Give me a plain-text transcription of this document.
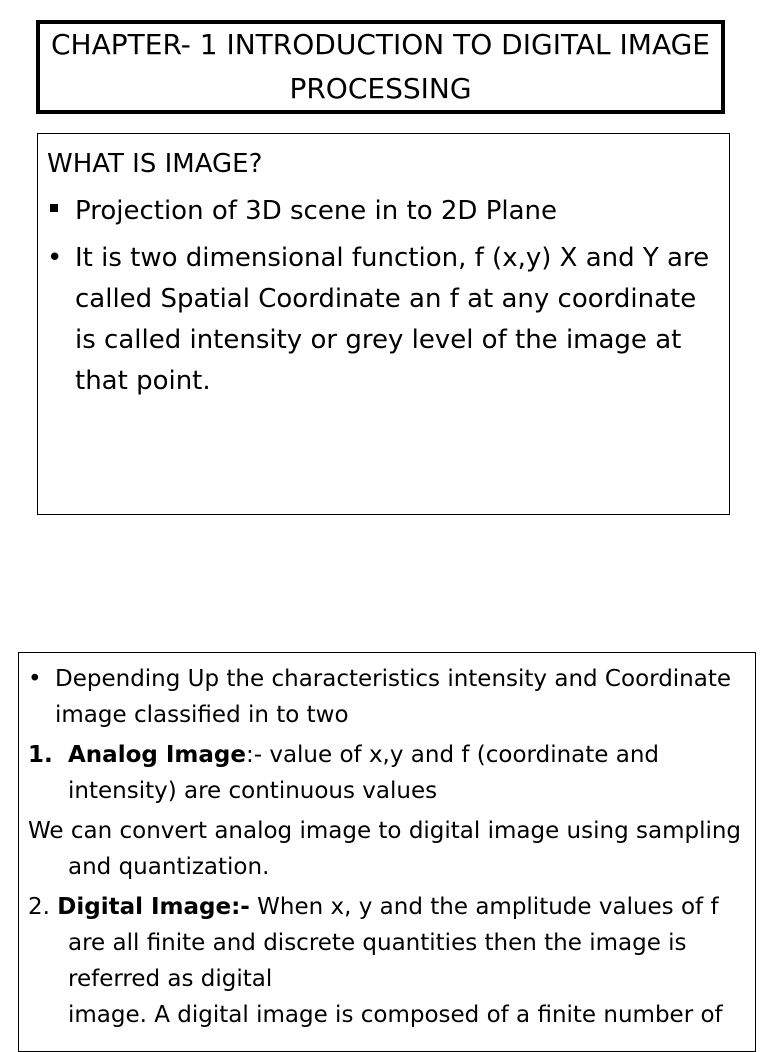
CHAPTER- 1 INTRODUCTION TO DIGITAL IMAGE PROCESSING
WHAT IS IMAGE?
Projection of 3D scene in to 2D Plane
• It is two dimensional function, f (x,y) X and Y are called Spatial Coordinate an f at any coordinate is called intensity or grey level of the image at that point.
• Depending Up the characteristics intensity and Coordinate image classified in to two
1. Analog Image:- value of x,y and f (coordinate and intensity) are continuous values
We can convert analog image to digital image using sampling and quantization.
2. Digital Image:- When x, y and the amplitude values of f are all finite and discrete quantities then the image is referred as digital
image. A digital image is composed of a finite number of
